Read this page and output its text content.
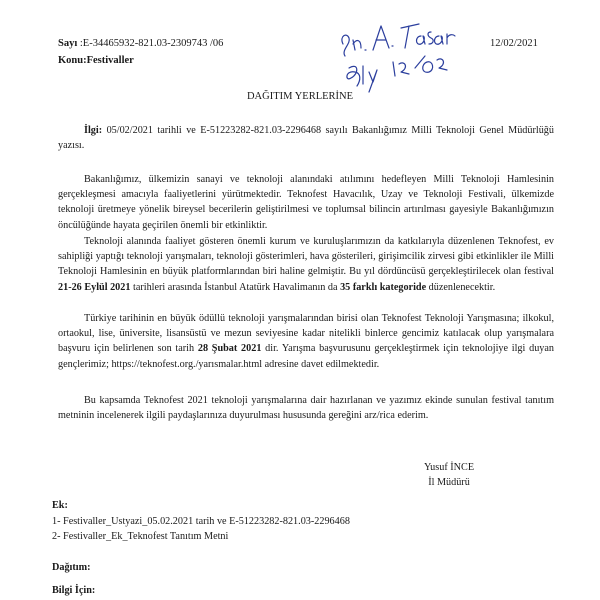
Sayı :E-34465932-821.03-2309743 /06
Konu:Festivaller
12/02/2021
DAĞITIM YERLERİNE
İlgi: 05/02/2021 tarihli ve E-51223282-821.03-2296468 sayılı Bakanlığımız Milli Teknoloji Genel Müdürlüğü yazısı.
Bakanlığımız, ülkemizin sanayi ve teknoloji alanındaki atılımını hedefleyen Milli Teknoloji Hamlesinin gerçekleşmesi amacıyla faaliyetlerini yürütmektedir. Teknofest Havacılık, Uzay ve Teknoloji Festivali, ülkemizde teknoloji üretmeye yönelik bireysel becerilerin geliştirilmesi ve toplumsal bilincin artırılması gayesiyle Bakanlığımızın öncülüğünde hayata geçirilen önemli bir etkinliktir.
Teknoloji alanında faaliyet gösteren önemli kurum ve kuruluşlarımızın da katkılarıyla düzenlenen Teknofest, ev sahipliği yaptığı teknoloji yarışmaları, teknoloji gösterimleri, hava gösterileri, girişimcilik zirvesi gibi etkinlikler ile Milli Teknoloji Hamlesinin en büyük platformlarından biri haline gelmiştir. Bu yıl dördüncüsü gerçekleştirilecek olan festival 21-26 Eylül 2021 tarihleri arasında İstanbul Atatürk Havalimanın da 35 farklı kategoride düzenlenecektir.
Türkiye tarihinin en büyük ödüllü teknoloji yarışmalarından birisi olan Teknofest Teknoloji Yarışmasına; ilkokul, ortaokul, lise, üniversite, lisansüstü ve mezun seviyesine kadar nitelikli binlerce gencimiz katılacak olup yarışmalara başvuru için belirlenen son tarih 28 Şubat 2021 dir. Yarışma başvurusunu gerçekleştirmek için teknolojiye ilgi duyan gençlerimiz; https://teknofest.org./yarısmalar.html adresine davet edilmektedir.
Bu kapsamda Teknofest 2021 teknoloji yarışmalarına dair hazırlanan ve yazımız ekinde sunulan festival tanıtım metninin incelenerek ilgili paydaşlarınıza duyurulması hususunda gereğini arz/rica ederim.
Yusuf İNCE
İl Müdürü
Ek:
1- Festivaller_Ustyazi_05.02.2021 tarih ve E-51223282-821.03-2296468
2- Festivaller_Ek_Teknofest Tanıtım Metni
Dağıtım:
Bilgi İçin:
